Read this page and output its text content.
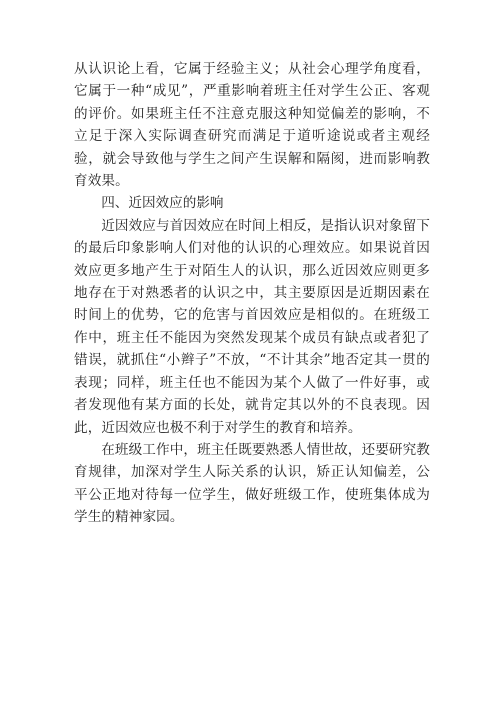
从认识论上看，它属于经验主义；从社会心理学角度看，它属于一种“成见”，严重影响着班主任对学生公正、客观的评价。如果班主任不注意克服这种知觉偏差的影响，不立足于深入实际调查研究而满足于道听途说或者主观经验，就会导致他与学生之间产生误解和隔阂，进而影响教育效果。

四、近因效应的影响

近因效应与首因效应在时间上相反，是指认识对象留下的最后印象影响人们对他的认识的心理效应。如果说首因效应更多地产生于对陌生人的认识，那么近因效应则更多地存在于对熟悉者的认识之中，其主要原因是近期因素在时间上的优势，它的危害与首因效应是相似的。在班级工作中，班主任不能因为突然发现某个成员有缺点或者犯了错误，就抓住“小辫子”不放，“不计其余”地否定其一贯的表现；同样，班主任也不能因为某个人做了一件好事，或者发现他有某方面的长处，就肯定其以外的不良表现。因此，近因效应也极不利于对学生的教育和培养。

在班级工作中，班主任既要熟悉人情世故，还要研究教育规律，加深对学生人际关系的认识，矫正认知偏差，公平公正地对待每一位学生，做好班级工作，使班集体成为学生的精神家园。
